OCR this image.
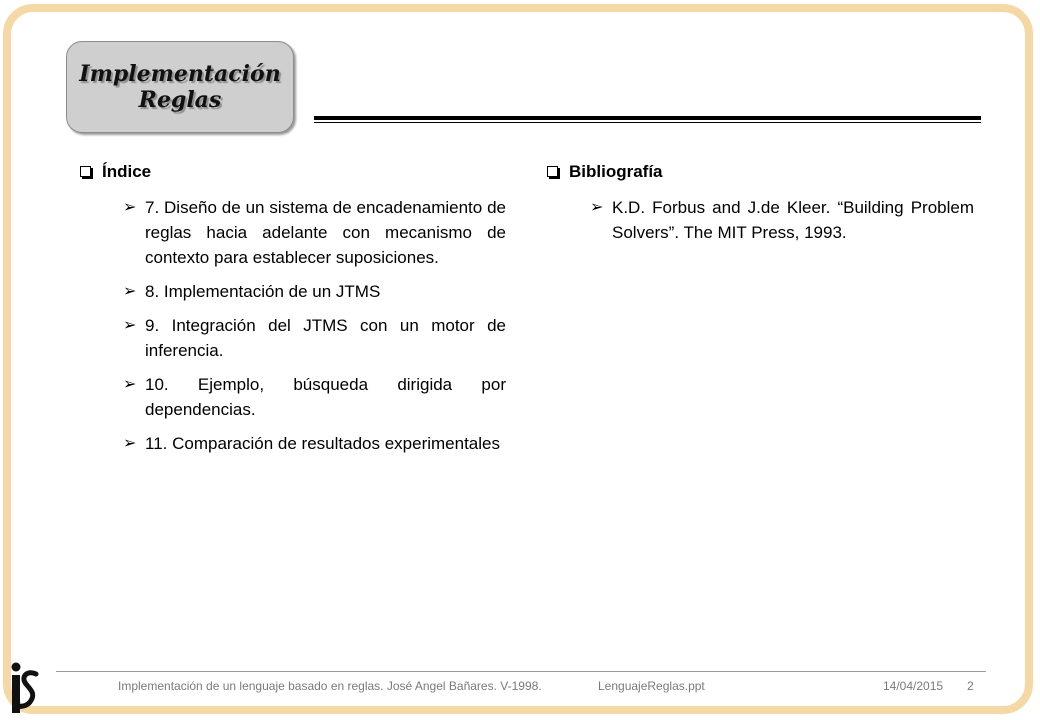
Implementación
Reglas
Índice
➢ 7. Diseño de un sistema de encadenamiento de reglas hacia adelante con mecanismo de contexto para establecer suposiciones.
➢ 8. Implementación de un JTMS
➢ 9. Integración del JTMS con un motor de inferencia.
➢ 10. Ejemplo, búsqueda dirigida por dependencias.
➢ 11. Comparación de resultados experimentales
Bibliografía
➢ K.D. Forbus and J.de Kleer. “Building Problem Solvers”. The MIT Press, 1993.
Implementación de un lenguaje basado en reglas. José Angel Bañares. V-1998.	LenguajeReglas.ppt	14/04/2015 2
